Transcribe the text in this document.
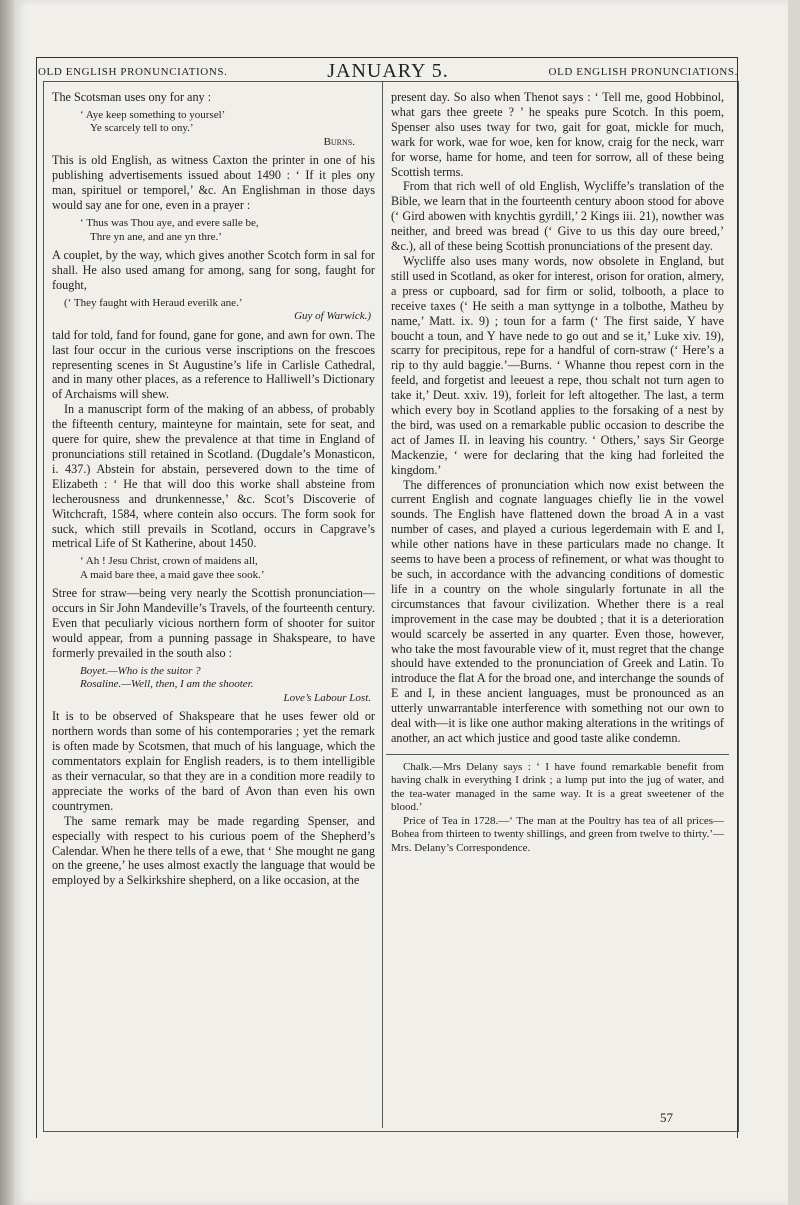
OLD ENGLISH PRONUNCIATIONS.	JANUARY 5.	OLD ENGLISH PRONUNCIATIONS.

The Scotsman uses ony for any :

‘ Aye keep something to yoursel’
Ye scarcely tell to ony.’
Burns.

This is old English, as witness Caxton the printer in one of his publishing advertisements issued about 1490 : ‘ If it ples ony man, spirituel or temporel,’ &c. An Englishman in those days would say ane for one, even in a prayer :

‘ Thus was Thou aye, and evere salle be,
Thre yn ane, and ane yn thre.’

A couplet, by the way, which gives another Scotch form in sal for shall. He also used amang for among, sang for song, faught for fought,

(‘ They faught with Heraud everilk ane.’
Guy of Warwick.)

tald for told, fand for found, gane for gone, and awn for own. The last four occur in the curious verse inscriptions on the frescoes representing scenes in St Augustine’s life in Carlisle Cathedral, and in many other places, as a reference to Halliwell’s Dictionary of Archaisms will shew.

In a manuscript form of the making of an abbess, of probably the fifteenth century, mainteyne for maintain, sete for seat, and quere for quire, shew the prevalence at that time in England of pronunciations still retained in Scotland. (Dugdale’s Monasticon, i. 437.) Abstein for abstain, persevered down to the time of Elizabeth : ‘ He that will doo this worke shall absteine from lecherousness and drunkennesse,’ &c. Scot’s Discoverie of Witchcraft, 1584, where contein also occurs. The form sook for suck, which still prevails in Scotland, occurs in Capgrave’s metrical Life of St Katherine, about 1450.

‘ Ah ! Jesu Christ, crown of maidens all,
A maid bare thee, a maid gave thee sook.’

Stree for straw—being very nearly the Scottish pronunciation—occurs in Sir John Mandeville’s Travels, of the fourteenth century. Even that peculiarly vicious northern form of shooter for suitor would appear, from a punning passage in Shakspeare, to have formerly prevailed in the south also :

Boyet.—Who is the suitor ?
Rosaline.—Well, then, I am the shooter.
Love’s Labour Lost.

It is to be observed of Shakspeare that he uses fewer old or northern words than some of his contemporaries ; yet the remark is often made by Scotsmen, that much of his language, which the commentators explain for English readers, is to them intelligible as their vernacular, so that they are in a condition more readily to appreciate the works of the bard of Avon than even his own countrymen.

The same remark may be made regarding Spenser, and especially with respect to his curious poem of the Shepherd’s Calendar. When he there tells of a ewe, that ‘ She mought ne gang on the greene,’ he uses almost exactly the language that would be employed by a Selkirkshire shepherd, on a like occasion, at the

present day. So also when Thenot says : ‘ Tell me, good Hobbinol, what gars thee greete ? ’ he speaks pure Scotch. In this poem, Spenser also uses tway for two, gait for goat, mickle for much, wark for work, wae for woe, ken for know, craig for the neck, warr for worse, hame for home, and teen for sorrow, all of these being Scottish terms.

From that rich well of old English, Wycliffe’s translation of the Bible, we learn that in the fourteenth century aboon stood for above (‘ Gird abowen with knychtis gyrdill,’ 2 Kings iii. 21), nowther was neither, and breed was bread (‘ Give to us this day oure breed,’ &c.), all of these being Scottish pronunciations of the present day.

Wycliffe also uses many words, now obsolete in England, but still used in Scotland, as oker for interest, orison for oration, almery, a press or cupboard, sad for firm or solid, tolbooth, a place to receive taxes (‘ He seith a man syttynge in a tolbothe, Matheu by name,’ Matt. ix. 9) ; toun for a farm (‘ The first saide, Y have boucht a toun, and Y have nede to go out and se it,’ Luke xiv. 19), scarry for precipitous, repe for a handful of corn-straw (‘ Here’s a rip to thy auld baggie.’—Burns. ‘ Whanne thou repest corn in the feeld, and forgetist and leeuest a repe, thou schalt not turn agen to take it,’ Deut. xxiv. 19), forleit for left altogether. The last, a term which every boy in Scotland applies to the forsaking of a nest by the bird, was used on a remarkable public occasion to describe the act of James II. in leaving his country. ‘ Others,’ says Sir George Mackenzie, ‘ were for declaring that the king had forleited the kingdom.’

The differences of pronunciation which now exist between the current English and cognate languages chiefly lie in the vowel sounds. The English have flattened down the broad A in a vast number of cases, and played a curious legerdemain with E and I, while other nations have in these particulars made no change. It seems to have been a process of refinement, or what was thought to be such, in accordance with the advancing conditions of domestic life in a country on the whole singularly fortunate in all the circumstances that favour civilization. Whether there is a real improvement in the case may be doubted ; that it is a deterioration would scarcely be asserted in any quarter. Even those, however, who take the most favourable view of it, must regret that the change should have extended to the pronunciation of Greek and Latin. To introduce the flat A for the broad one, and interchange the sounds of E and I, in these ancient languages, must be pronounced as an utterly unwarrantable interference with something not our own to deal with—it is like one author making alterations in the writings of another, an act which justice and good taste alike condemn.

Chalk.—Mrs Delany says : ‘ I have found remarkable benefit from having chalk in everything I drink ; a lump put into the jug of water, and the tea-water managed in the same way. It is a great sweetener of the blood.’

Price of Tea in 1728.—‘ The man at the Poultry has tea of all prices—Bohea from thirteen to twenty shillings, and green from twelve to thirty.’—Mrs. Delany’s Correspondence.

57
